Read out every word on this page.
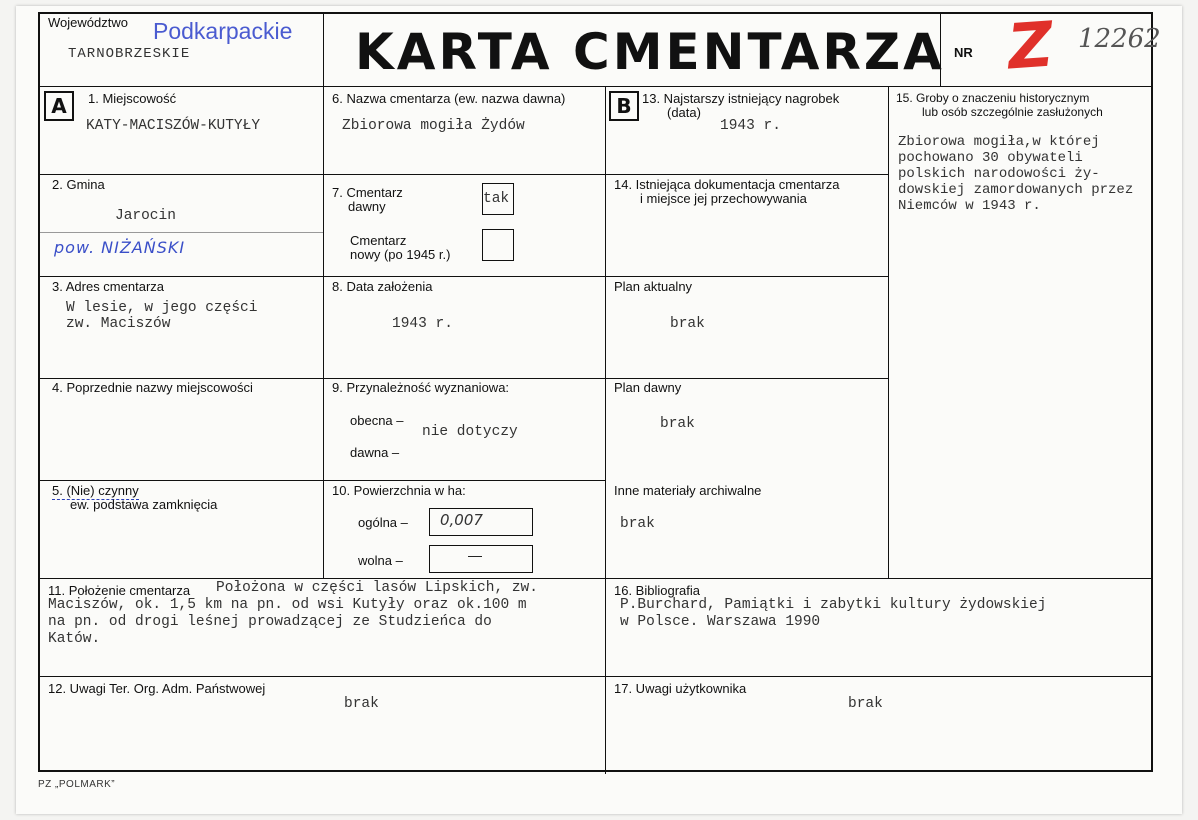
Województwo Podkarpackie
TARNOBRZESKIE	KARTA CMENTARZA NR Z 12262
A	1. Miejscowość
KATY-MACISZÓW-KUTYŁY
2. Gmina
Jarocin
pow. NIŻAŃSKI
3. Adres cmentarza
W lesie, w jego części
zw. Maciszów
4. Poprzednie nazwy miejscowości
5. (Nie) czynny
ew. podstawa zamknięcia
6. Nazwa cmentarza (ew. nazwa dawna)
Zbiorowa mogiła Żydów
7. Cmentarz
dawny	tak
Cmentarz
nowy (po 1945 r.)
8. Data założenia
1943 r.
9. Przynależność wyznaniowa:
obecna –
nie dotyczy
dawna –
10. Powierzchnia w ha:
ogólna – 0,007
wolna –	—
B 13. Najstarszy istniejący nagrobek
(data)
1943 r.
14. Istniejąca dokumentacja cmentarza
i miejsce jej przechowywania
Plan aktualny
brak
Plan dawny
brak
Inne materiały archiwalne
brak
15. Groby o znaczeniu historycznym
lub osób szczególnie zasłużonych
Zbiorowa mogiła,w której
pochowano 30 obywateli
polskich narodowości ży-
dowskiej zamordowanych przez
Niemców w 1943 r.
11. Położenie cmentarza Położona w części lasów Lipskich, zw.
Maciszów, ok. 1,5 km na pn. od wsi Kutyły oraz ok.100 m
na pn. od drogi leśnej prowadzącej ze Studzieńca do
Katów.
16. Bibliografia
P.Burchard, Pamiątki i zabytki kultury żydowskiej
w Polsce. Warszawa 1990
12. Uwagi Ter. Org. Adm. Państwowej
brak
17. Uwagi użytkownika
brak
PZ „POLMARK”
